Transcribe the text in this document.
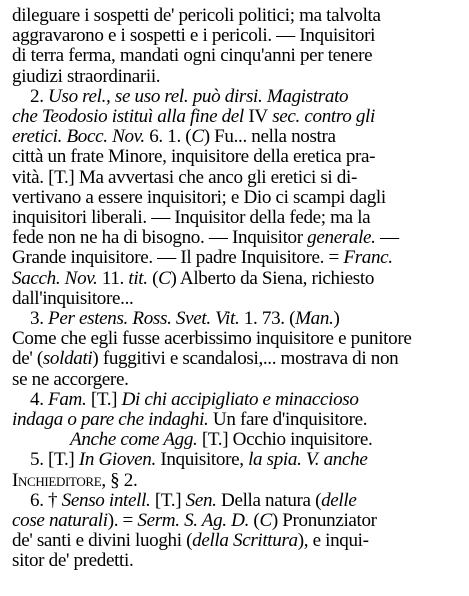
dileguare i sospetti de' pericoli politici; ma talvolta
aggravarono e i sospetti e i pericoli. — Inquisitori
di terra ferma, mandati ogni cinqu'anni per tenere
giudizi straordinarii.
2. Uso rel., se uso rel. può dirsi. Magistrato
che Teodosio istituì alla fine del IV sec. contro gli
eretici. Bocc. Nov. 6. 1. (C) Fu... nella nostra
città un frate Minore, inquisitore della eretica pra-
vità. [T.] Ma avvertasi che anco gli eretici si di-
vertivano a essere inquisitori; e Dio ci scampi dagli
inquisitori liberali. — Inquisitor della fede; ma la
fede non ne ha di bisogno. — Inquisitor generale. —
Grande inquisitore. — Il padre Inquisitore. = Franc.
Sacch. Nov. 11. tit. (C) Alberto da Siena, richiesto
dall'inquisitore...
3. Per estens. Ross. Svet. Vit. 1. 73. (Man.)
Come che egli fusse acerbissimo inquisitore e punitore
de' (soldati) fuggitivi e scandalosi,... mostrava di non
se ne accorgere.
4. Fam. [T.] Di chi accipigliato e minaccioso
indaga o pare che indaghi. Un fare d'inquisitore.
Anche come Agg. [T.] Occhio inquisitore.
5. [T.] In Gioven. Inquisitore, la spia. V. anche
Inchieditore, § 2.
6. † Senso intell. [T.] Sen. Della natura (delle
cose naturali). = Serm. S. Ag. D. (C) Pronunziator
de' santi e divini luoghi (della Scrittura), e inqui-
sitor de' predetti.
